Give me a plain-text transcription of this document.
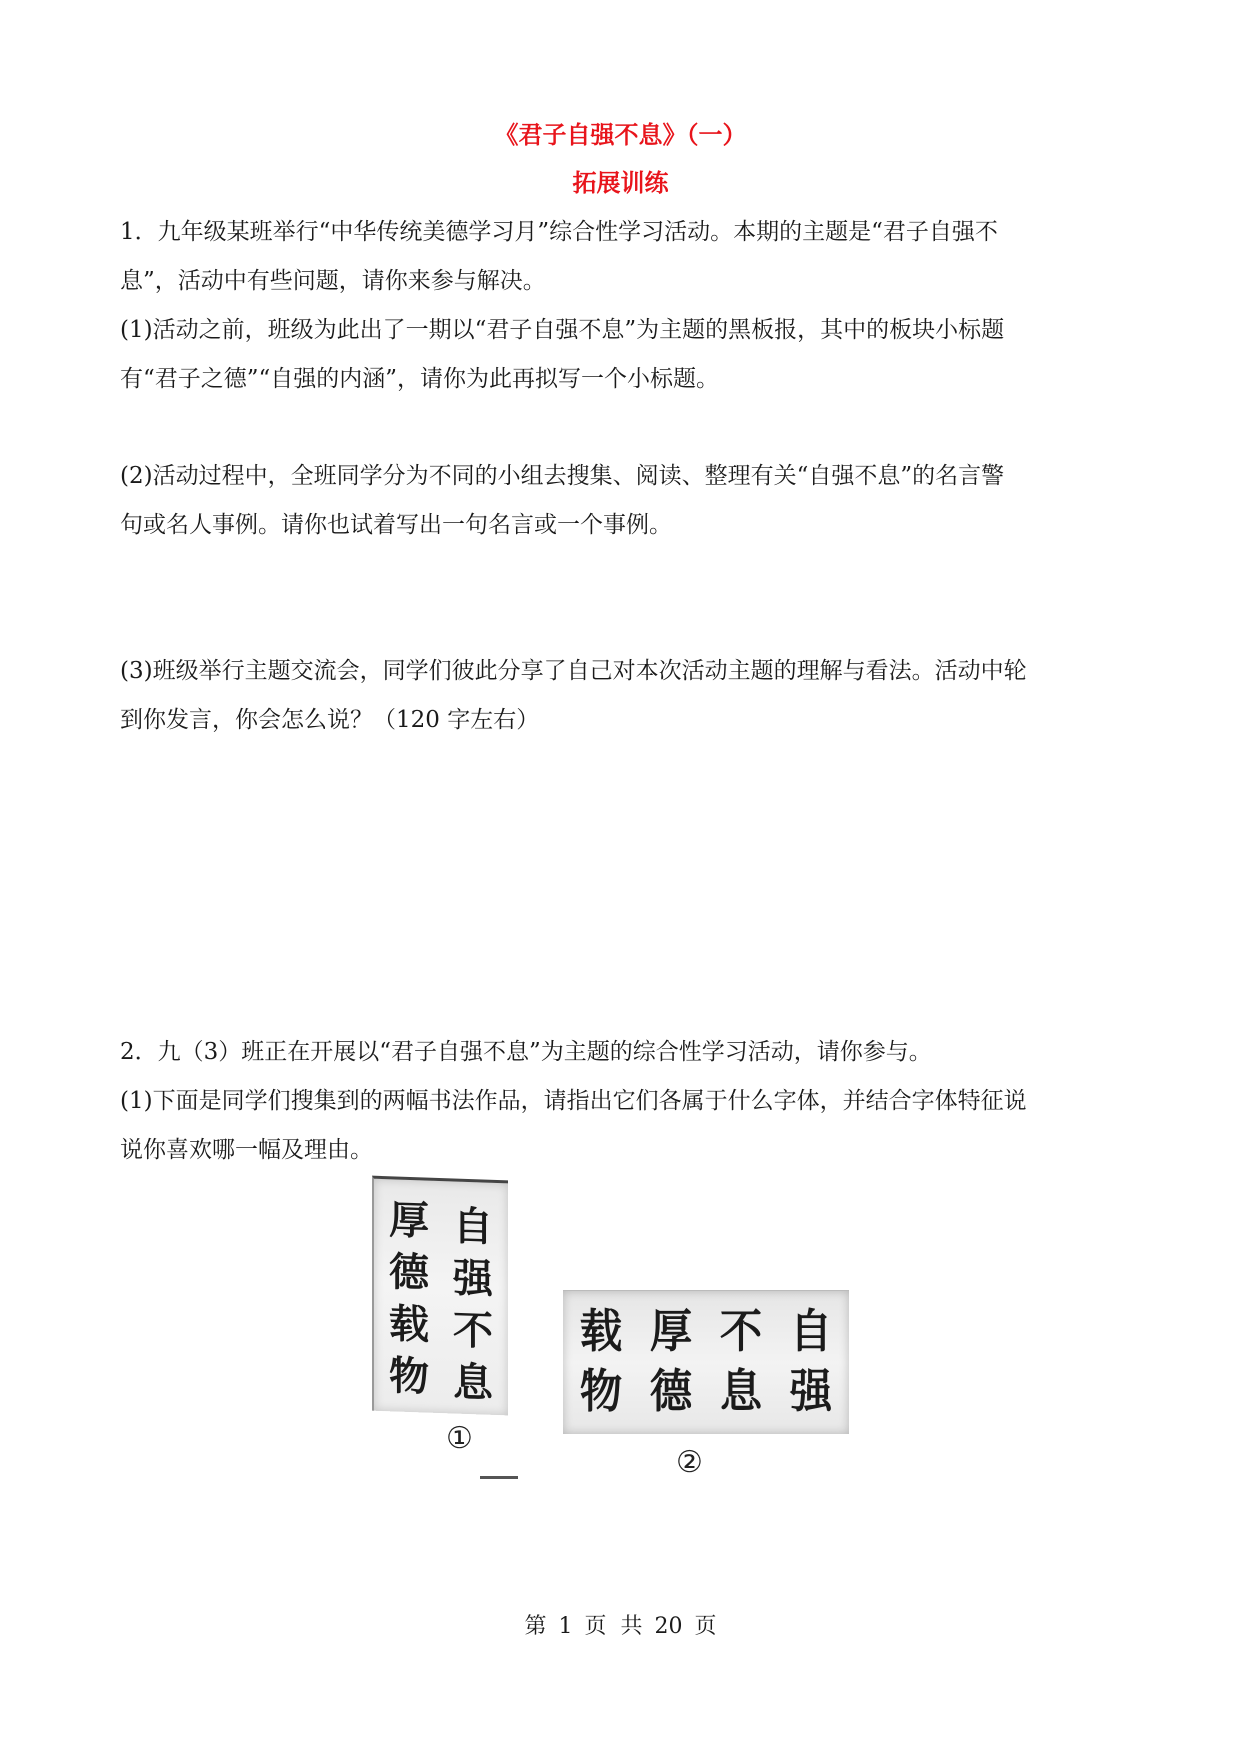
《君子自强不息》（一）
拓展训练
1．九年级某班举行“中华传统美德学习月”综合性学习活动。本期的主题是“君子自强不
息”，活动中有些问题，请你来参与解决。
(1)活动之前，班级为此出了一期以“君子自强不息”为主题的黑板报，其中的板块小标题
有“君子之德”“自强的内涵”，请你为此再拟写一个小标题。
(2)活动过程中，全班同学分为不同的小组去搜集、阅读、整理有关“自强不息”的名言警
句或名人事例。请你也试着写出一句名言或一个事例。
(3)班级举行主题交流会，同学们彼此分享了自己对本次活动主题的理解与看法。活动中轮
到你发言，你会怎么说？（120 字左右）
2．九（3）班正在开展以“君子自强不息”为主题的综合性学习活动，请你参与。
(1)下面是同学们搜集到的两幅书法作品，请指出它们各属于什么字体，并结合字体特征说
说你喜欢哪一幅及理由。
自
强
不
息
厚
德
载
物
①
自
强
不
息
厚
德
载
物
②
第 1 页  共 20 页
